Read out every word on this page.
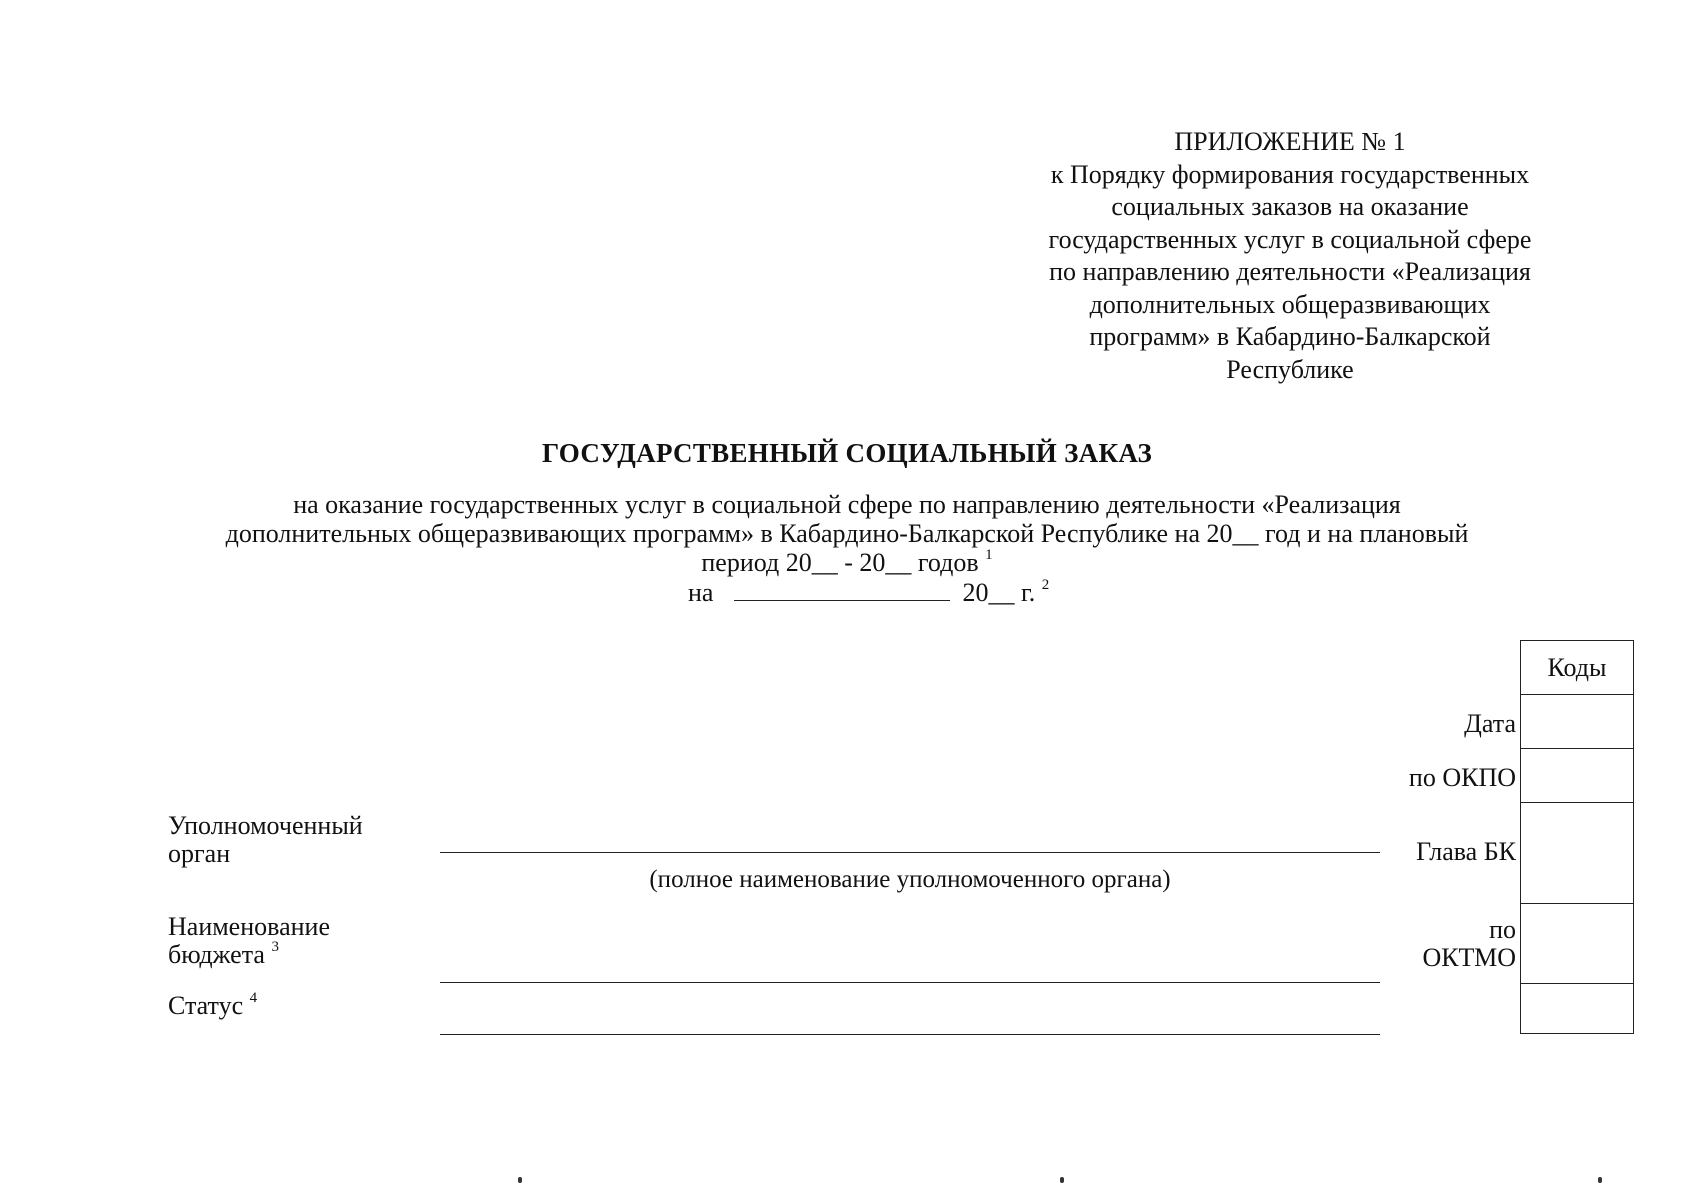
ПРИЛОЖЕНИЕ № 1
к Порядку формирования государственных
социальных заказов на оказание
государственных услуг в социальной сфере
по направлению деятельности «Реализация
дополнительных общеразвивающих
программ» в Кабардино-Балкарской
Республике
ГОСУДАРСТВЕННЫЙ СОЦИАЛЬНЫЙ ЗАКАЗ
на оказание государственных услуг в социальной сфере по направлению деятельности «Реализация
дополнительных общеразвивающих программ» в Кабардино-Балкарской Республике на 20__ год и на плановый
период 20__ - 20__ годов $^1$
на	20__ г. $^2$
Коды
Дата
по ОКПО
Глава БК
по
ОКТМО
Уполномоченный
орган
Наименование
бюджета $^3$
Статус $^4$
(полное наименование уполномоченного органа)
